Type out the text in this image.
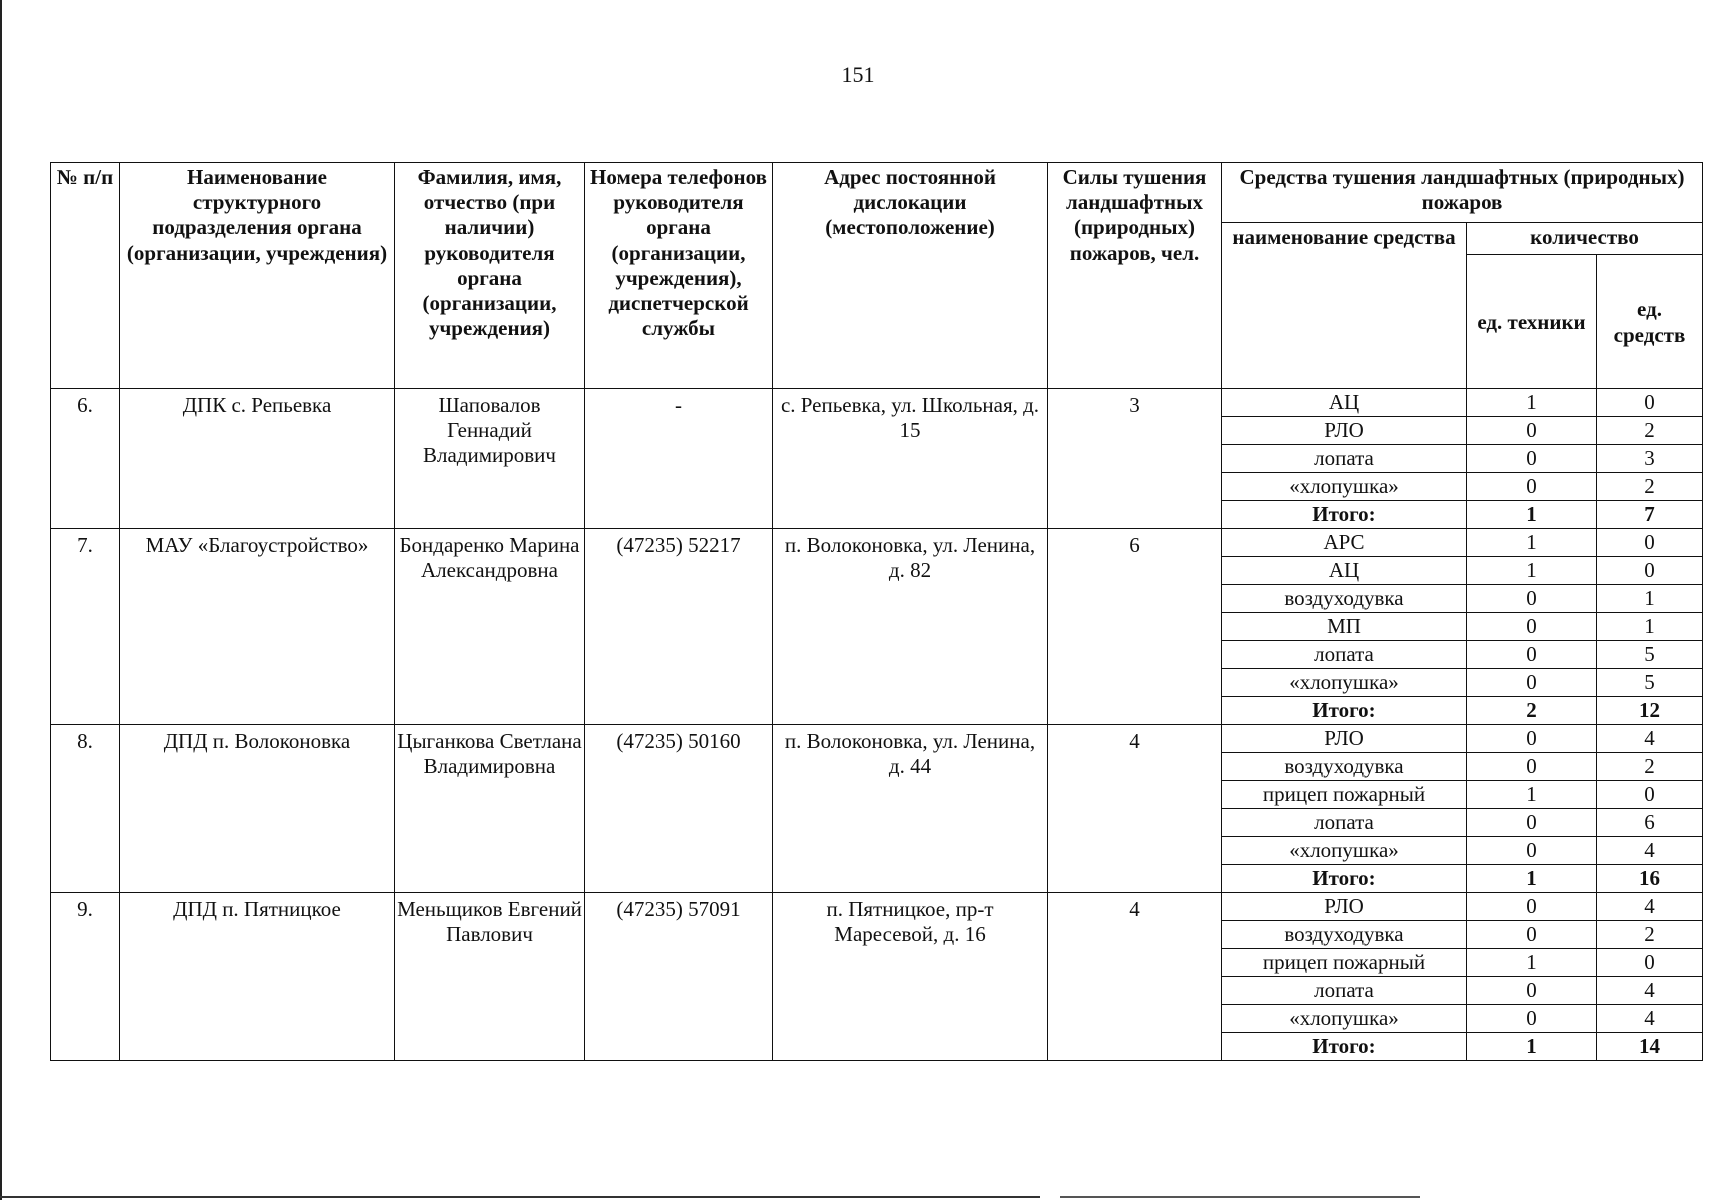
151
№ п/п	Наименование структурного подразделения органа (организации, учреждения)	Фамилия, имя, отчество (при наличии) руководителя органа (организации, учреждения)	Номера телефонов руководителя органа (организации, учреждения), диспетчерской службы	Адрес постоянной дислокации (местоположение)	Силы тушения ландшафтных (природных) пожаров, чел.	Средства тушения ландшафтных (природных) пожаров		
						наименование средства	количество	
							ед. техники	ед. средств
6.	ДПК с. Репьевка	Шаповалов Геннадий Владимирович	-	с. Репьевка, ул. Школьная, д. 15	3	АЦ	1	0
						РЛО	0	2
						лопата	0	3
						«хлопушка»	0	2
						Итого:	1	7
7.	МАУ «Благоустройство»	Бондаренко Марина Александровна	(47235) 52217	п. Волоконовка, ул. Ленина, д. 82	6	АРС	1	0
						АЦ	1	0
						воздуходувка	0	1
						МП	0	1
						лопата	0	5
						«хлопушка»	0	5
						Итого:	2	12
8.	ДПД п. Волоконовка	Цыганкова Светлана Владимировна	(47235) 50160	п. Волоконовка, ул. Ленина, д. 44	4	РЛО	0	4
						воздуходувка	0	2
						прицеп пожарный	1	0
						лопата	0	6
						«хлопушка»	0	4
						Итого:	1	16
9.	ДПД п. Пятницкое	Меньщиков Евгений Павлович	(47235) 57091	п. Пятницкое, пр-т Маресевой, д. 16	4	РЛО	0	4
						воздуходувка	0	2
						прицеп пожарный	1	0
						лопата	0	4
						«хлопушка»	0	4
						Итого:	1	14
